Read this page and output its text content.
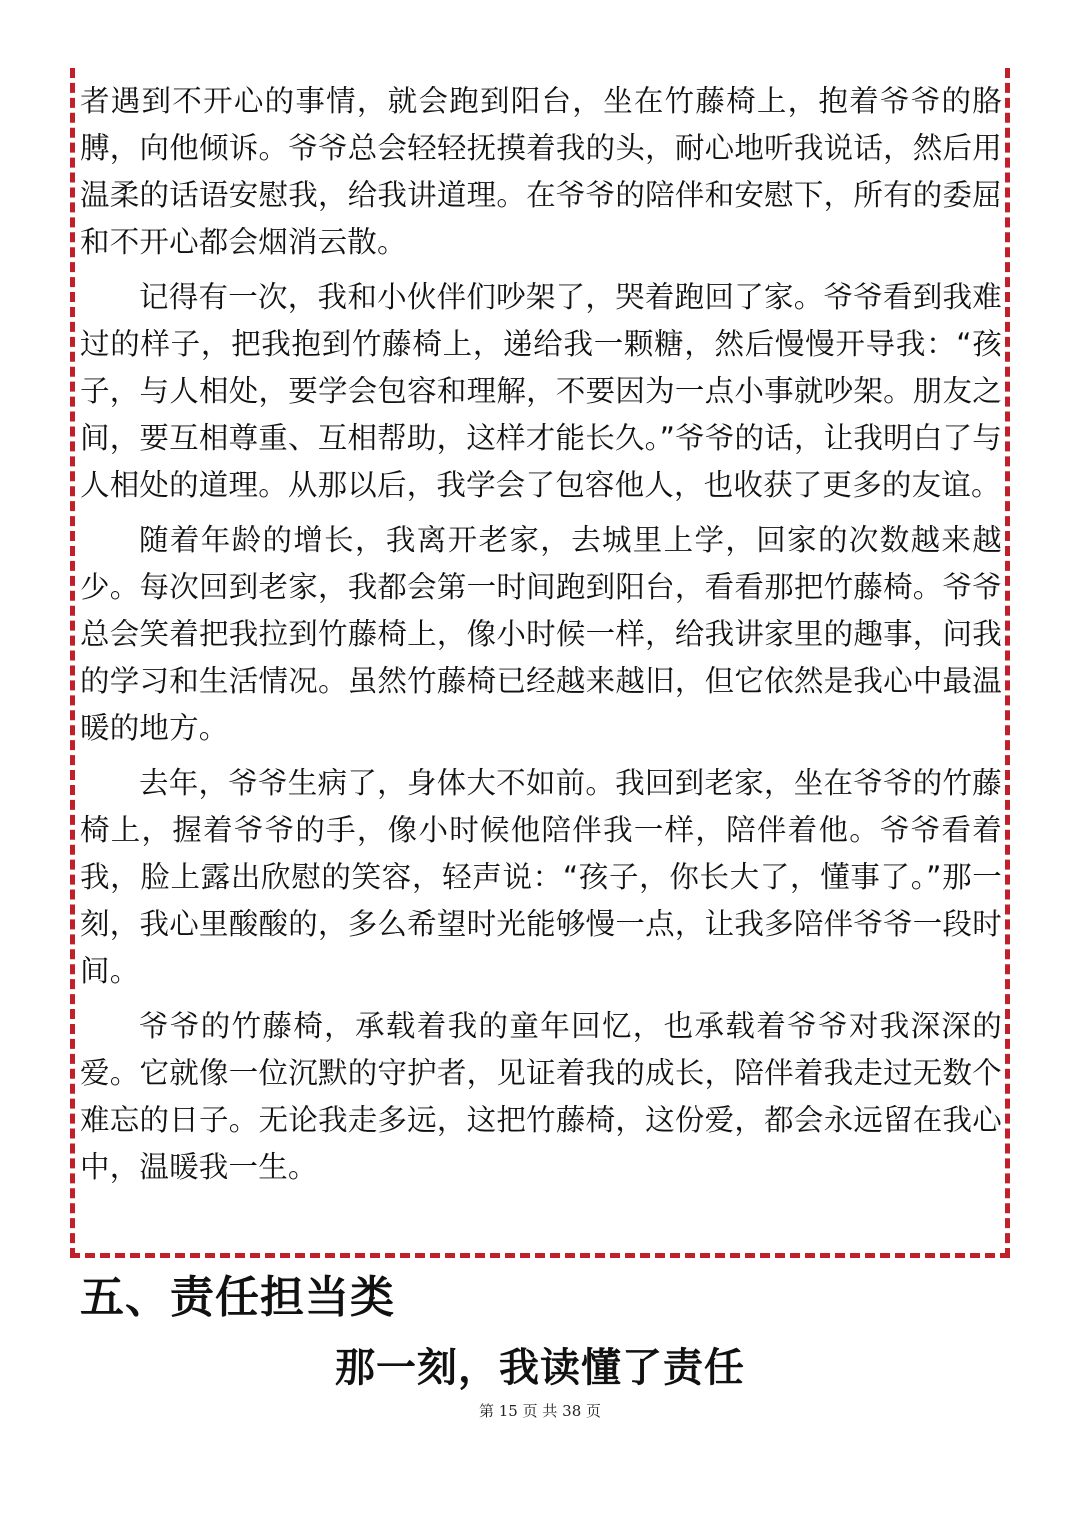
者遇到不开心的事情，就会跑到阳台，坐在竹藤椅上，抱着爷爷的胳膊，向他倾诉。爷爷总会轻轻抚摸着我的头，耐心地听我说话，然后用温柔的话语安慰我，给我讲道理。在爷爷的陪伴和安慰下，所有的委屈和不开心都会烟消云散。

记得有一次，我和小伙伴们吵架了，哭着跑回了家。爷爷看到我难过的样子，把我抱到竹藤椅上，递给我一颗糖，然后慢慢开导我：“孩子，与人相处，要学会包容和理解，不要因为一点小事就吵架。朋友之间，要互相尊重、互相帮助，这样才能长久。”爷爷的话，让我明白了与人相处的道理。从那以后，我学会了包容他人，也收获了更多的友谊。

随着年龄的增长，我离开老家，去城里上学，回家的次数越来越少。每次回到老家，我都会第一时间跑到阳台，看看那把竹藤椅。爷爷总会笑着把我拉到竹藤椅上，像小时候一样，给我讲家里的趣事，问我的学习和生活情况。虽然竹藤椅已经越来越旧，但它依然是我心中最温暖的地方。

去年，爷爷生病了，身体大不如前。我回到老家，坐在爷爷的竹藤椅上，握着爷爷的手，像小时候他陪伴我一样，陪伴着他。爷爷看着我，脸上露出欣慰的笑容，轻声说：“孩子，你长大了，懂事了。”那一刻，我心里酸酸的，多么希望时光能够慢一点，让我多陪伴爷爷一段时间。

爷爷的竹藤椅，承载着我的童年回忆，也承载着爷爷对我深深的爱。它就像一位沉默的守护者，见证着我的成长，陪伴着我走过无数个难忘的日子。无论我走多远，这把竹藤椅，这份爱，都会永远留在我心中，温暖我一生。

五、责任担当类
那一刻，我读懂了责任
第 15 页 共 38 页
